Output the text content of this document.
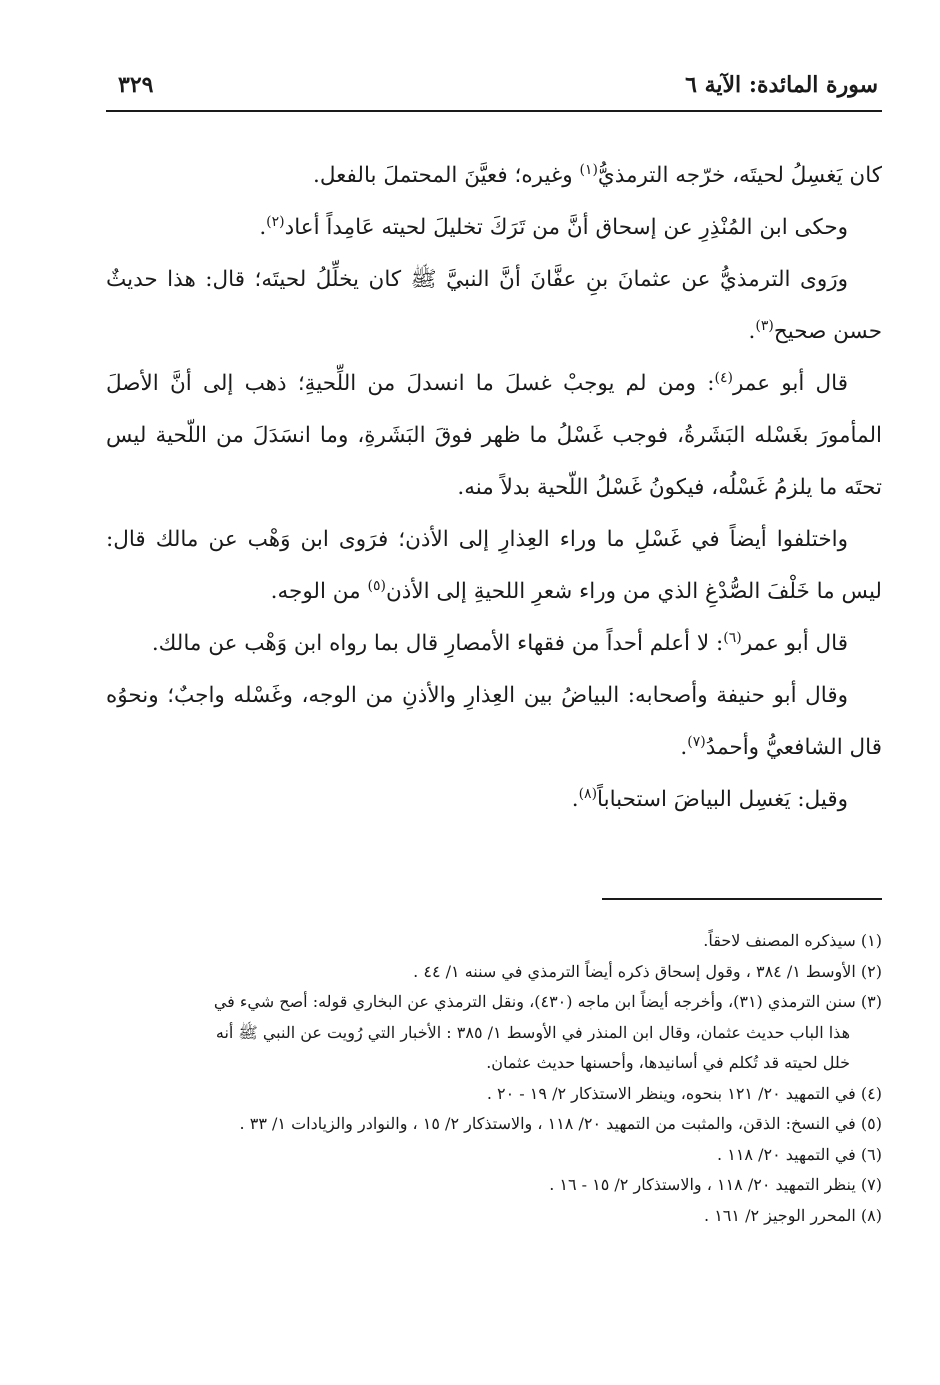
سورة المائدة: الآية ٦
٣٢٩

كان يَغسِلُ لحيتَه، خرّجه الترمذيُّ$^{(١)}$ وغيره؛ فعيَّنَ المحتملَ بالفعل.

وحكى ابن المُنْذِرِ عن إسحاق أنَّ من تَرَكَ تخليلَ لحيته عَامِداً أعاد$^{(٢)}$.

ورَوى الترمذيُّ عن عثمانَ بنِ عفَّانَ أنَّ النبيَّ ﷺ كان يخلِّلُ لحيتَه؛ قال: هذا حديثٌ حسن صحيح$^{(٣)}$.

قال أبو عمر$^{(٤)}$: ومن لم يوجبْ غسلَ ما انسدلَ من اللِّحيةِ؛ ذهب إلى أنَّ الأصلَ المأمورَ بغَسْله البَشَرةُ، فوجب غَسْلُ ما ظهر فوقَ البَشَرةِ، وما انسَدَلَ من اللّحية ليس تحتَه ما يلزمُ غَسْلُه، فيكونُ غَسْلُ اللّحية بدلاً منه.

واختلفوا أيضاً في غَسْلِ ما وراء العِذارِ إلى الأذن؛ فرَوى ابن وَهْب عن مالك قال: ليس ما خَلْفَ الصُّدْغِ الذي من وراء شعرِ اللحيةِ إلى الأذن$^{(٥)}$ من الوجه.

قال أبو عمر$^{(٦)}$: لا أعلم أحداً من فقهاء الأمصارِ قال بما رواه ابن وَهْب عن مالك.

وقال أبو حنيفة وأصحابه: البياضُ بين العِذارِ والأذنِ من الوجه، وغَسْله واجبٌ؛ ونحوُه قال الشافعيُّ وأحمدُ$^{(٧)}$.

وقيل: يَغسِل البياضَ استحباباً$^{(٨)}$.

(١) سيذكره المصنف لاحقاً.

(٢) الأوسط ١/ ٣٨٤ ، وقول إسحاق ذكره أيضاً الترمذي في سننه ١/ ٤٤ .

(٣) سنن الترمذي (٣١)، وأخرجه أيضاً ابن ماجه (٤٣٠)، ونقل الترمذي عن البخاري قوله: أصح شيء في

هذا الباب حديث عثمان، وقال ابن المنذر في الأوسط ١/ ٣٨٥ : الأخبار التي رُويت عن النبي ﷺ أنه

خلل لحيته قد تُكلم في أسانيدها، وأحسنها حديث عثمان.

(٤) في التمهيد ٢٠/ ١٢١ بنحوه، وينظر الاستذكار ٢/ ١٩ - ٢٠ .

(٥) في النسخ: الذقن، والمثبت من التمهيد ٢٠/ ١١٨ ، والاستذكار ٢/ ١٥ ، والنوادر والزيادات ١/ ٣٣ .

(٦) في التمهيد ٢٠/ ١١٨ .

(٧) ينظر التمهيد ٢٠/ ١١٨ ، والاستذكار ٢/ ١٥ - ١٦ .

(٨) المحرر الوجيز ٢/ ١٦١ .
